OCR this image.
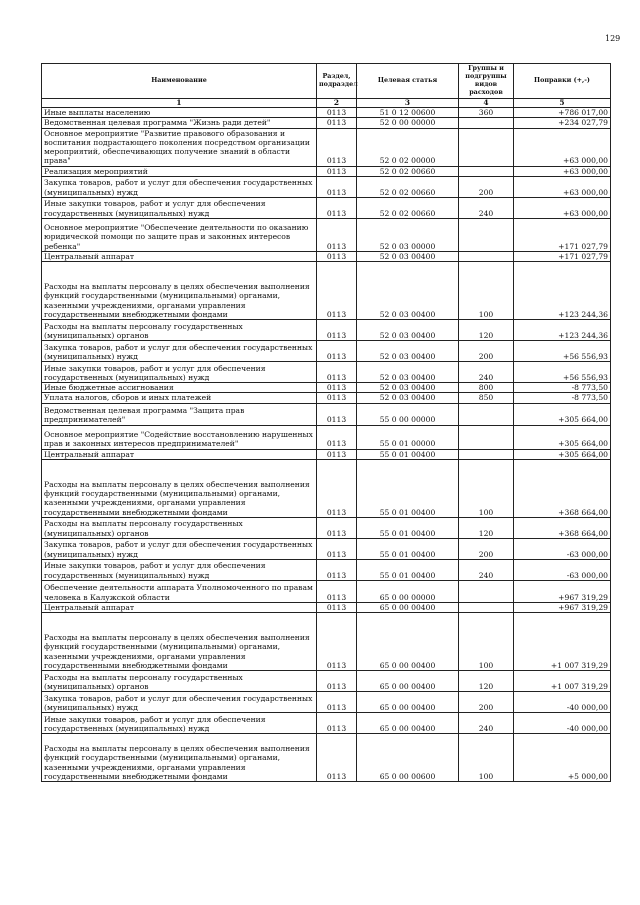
129
Наименование	Раздел, подраздел	Целевая статья	Группы и подгруппы видов расходов	Поправки (+,-)
1	2	3	4	5
Иные выплаты населению	0113	51 0 12 00600	360	+786 017,00
Ведомственная целевая программа "Жизнь ради детей"	0113	52 0 00 00000		+234 027,79
Основное мероприятие "Развитие правового образования и воспитания подрастающего поколения посредством организации мероприятий, обеспечивающих получение знаний в области права"	0113	52 0 02 00000		+63 000,00
Реализация мероприятий	0113	52 0 02 00660		+63 000,00
Закупка товаров, работ и услуг для обеспечения государственных (муниципальных) нужд	0113	52 0 02 00660	200	+63 000,00
Иные закупки товаров, работ и услуг для обеспечения государственных (муниципальных) нужд	0113	52 0 02 00660	240	+63 000,00
Основное мероприятие "Обеспечение деятельности по оказанию юридической помощи по защите прав и законных интересов ребенка"	0113	52 0 03 00000		+171 027,79
Центральный аппарат	0113	52 0 03 00400		+171 027,79
Расходы на выплаты персоналу в целях обеспечения выполнения функций государственными (муниципальными) органами, казенными учреждениями, органами управления государственными внебюджетными фондами	0113	52 0 03 00400	100	+123 244,36
Расходы на выплаты персоналу государственных (муниципальных) органов	0113	52 0 03 00400	120	+123 244,36
Закупка товаров, работ и услуг для обеспечения государственных (муниципальных) нужд	0113	52 0 03 00400	200	+56 556,93
Иные закупки товаров, работ и услуг для обеспечения государственных (муниципальных) нужд	0113	52 0 03 00400	240	+56 556,93
Иные бюджетные ассигнования	0113	52 0 03 00400	800	-8 773,50
Уплата налогов, сборов и иных платежей	0113	52 0 03 00400	850	-8 773,50
Ведомственная целевая программа "Защита прав предпринимателей"	0113	55 0 00 00000		+305 664,00
Основное мероприятие "Содействие восстановлению нарушенных прав и законных интересов предпринимателей"	0113	55 0 01 00000		+305 664,00
Центральный аппарат	0113	55 0 01 00400		+305 664,00
Расходы на выплаты персоналу в целях обеспечения выполнения функций государственными (муниципальными) органами, казенными учреждениями, органами управления государственными внебюджетными фондами	0113	55 0 01 00400	100	+368 664,00
Расходы на выплаты персоналу государственных (муниципальных) органов	0113	55 0 01 00400	120	+368 664,00
Закупка товаров, работ и услуг для обеспечения государственных (муниципальных) нужд	0113	55 0 01 00400	200	-63 000,00
Иные закупки товаров, работ и услуг для обеспечения государственных (муниципальных) нужд	0113	55 0 01 00400	240	-63 000,00
Обеспечение деятельности аппарата Уполномоченного по правам человека в Калужской области	0113	65 0 00 00000		+967 319,29
Центральный аппарат	0113	65 0 00 00400		+967 319,29
Расходы на выплаты персоналу в целях обеспечения выполнения функций государственными (муниципальными) органами, казенными учреждениями, органами управления государственными внебюджетными фондами	0113	65 0 00 00400	100	+1 007 319,29
Расходы на выплаты персоналу государственных (муниципальных) органов	0113	65 0 00 00400	120	+1 007 319,29
Закупка товаров, работ и услуг для обеспечения государственных (муниципальных) нужд	0113	65 0 00 00400	200	-40 000,00
Иные закупки товаров, работ и услуг для обеспечения государственных (муниципальных) нужд	0113	65 0 00 00400	240	-40 000,00
Расходы на выплаты персоналу в целях обеспечения выполнения функций государственными (муниципальными) органами, казенными учреждениями, органами управления государственными внебюджетными фондами	0113	65 0 00 00600	100	+5 000,00
